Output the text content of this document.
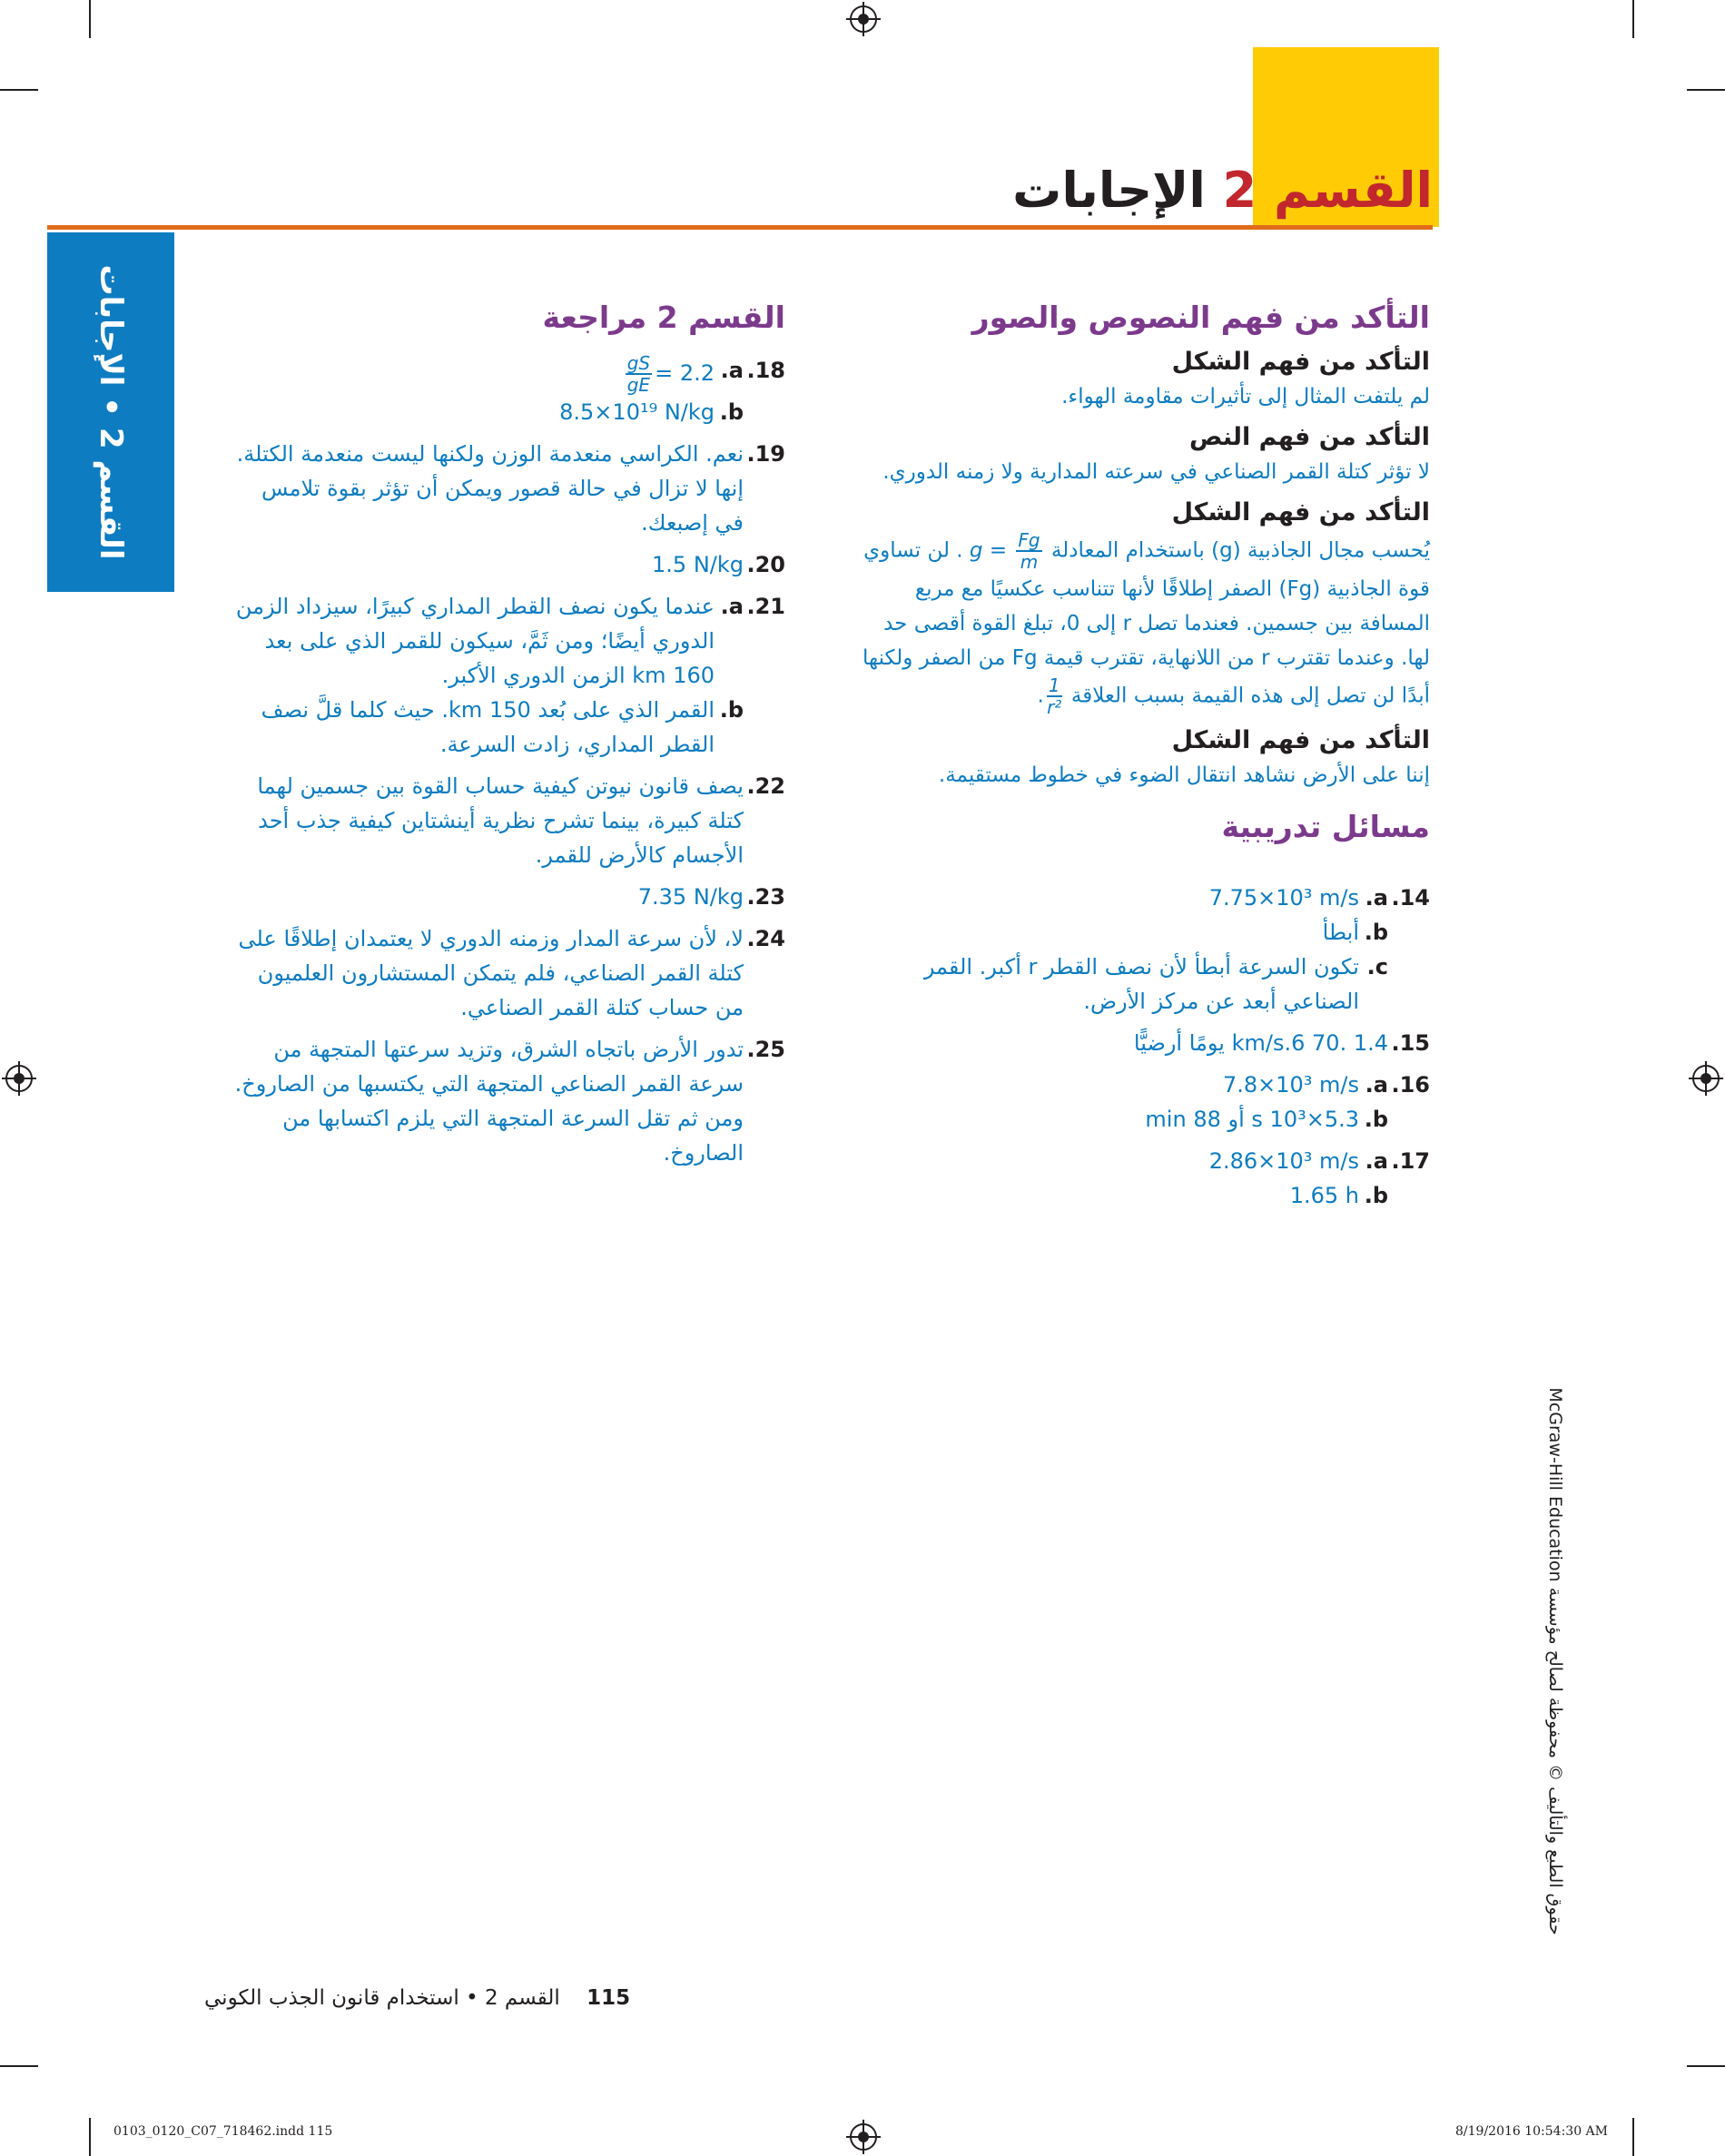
القسم 2 الإجابات
القسم 2 • الإجابات
التأكد من فهم النصوص والصور
التأكد من فهم الشكل
لم يلتفت المثال إلى تأثيرات مقاومة الهواء.
التأكد من فهم النص
لا تؤثر كتلة القمر الصناعي في سرعته المدارية ولا زمنه الدوري.
التأكد من فهم الشكل
يُحسب مجال الجاذبية (g) باستخدام المعادلة $g = \frac{Fg}{m}$
. لن تساوي قوة الجاذبية (Fg) الصفر إطلاقًا لأنها تتناسب عكسيًا مع مربع المسافة بين جسمين. فعندما تصل r إلى 0، تبلغ القوة أقصى حد لها. وعندما تقترب r من اللانهاية، تقترب قيمة Fg من الصفر ولكنها أبدًا لن تصل إلى هذه القيمة بسبب العلاقة
$\frac{1}{\text{r²}}$
.
التأكد من فهم الشكل
إننا على الأرض نشاهد انتقال الضوء في خطوط مستقيمة.
مسائل تدريبية
14.
a.
7.75×10³ m/s
b.
أبطأ
c.
تكون السرعة أبطأ لأن نصف القطر r أكبر. القمر الصناعي أبعد عن مركز الأرض.
15.
1.4 .70 km/s.6 يومًا أرضيًّا
16.
a.
7.8×10³ m/s
b.
5.3×10³ s أو 88 min
17.
a.
2.86×10³ m/s
b.
1.65 h
القسم 2 مراجعة
18.
a.
$\frac{gS}{gE} = 2.2$
b.
8.5×10¹⁹ N/kg
19.
نعم. الكراسي منعدمة الوزن ولكنها ليست منعدمة الكتلة. إنها لا تزال في حالة قصور ويمكن أن تؤثر بقوة تلامس في إصبعك.
20.
1.5 N/kg
21.
a.
عندما يكون نصف القطر المداري كبيرًا، سيزداد الزمن الدوري أيضًا؛ ومن ثَمَّ، سيكون للقمر الذي على بعد 160 km الزمن الدوري الأكبر.
b.
القمر الذي على بُعد 150 km. حيث كلما قلَّ نصف القطر المداري، زادت السرعة.
22.
يصف قانون نيوتن كيفية حساب القوة بين جسمين لهما كتلة كبيرة، بينما تشرح نظرية أينشتاين كيفية جذب أحد الأجسام كالأرض للقمر.
23.
7.35 N/kg
24.
لا، لأن سرعة المدار وزمنه الدوري لا يعتمدان إطلاقًا على كتلة القمر الصناعي، فلم يتمكن المستشارون العلميون من حساب كتلة القمر الصناعي.
25.
تدور الأرض باتجاه الشرق، وتزيد سرعتها المتجهة من سرعة القمر الصناعي المتجهة التي يكتسبها من الصاروخ. ومن ثم تقل السرعة المتجهة التي يلزم اكتسابها من الصاروخ.
حقوق الطبع والتأليف © محفوظة لصالح مؤسسة McGraw-Hill Education
115 القسم 2 • استخدام قانون الجذب الكوني
0103_0120_C07_718462.indd 115	8/19/2016 10:54:30 AM
